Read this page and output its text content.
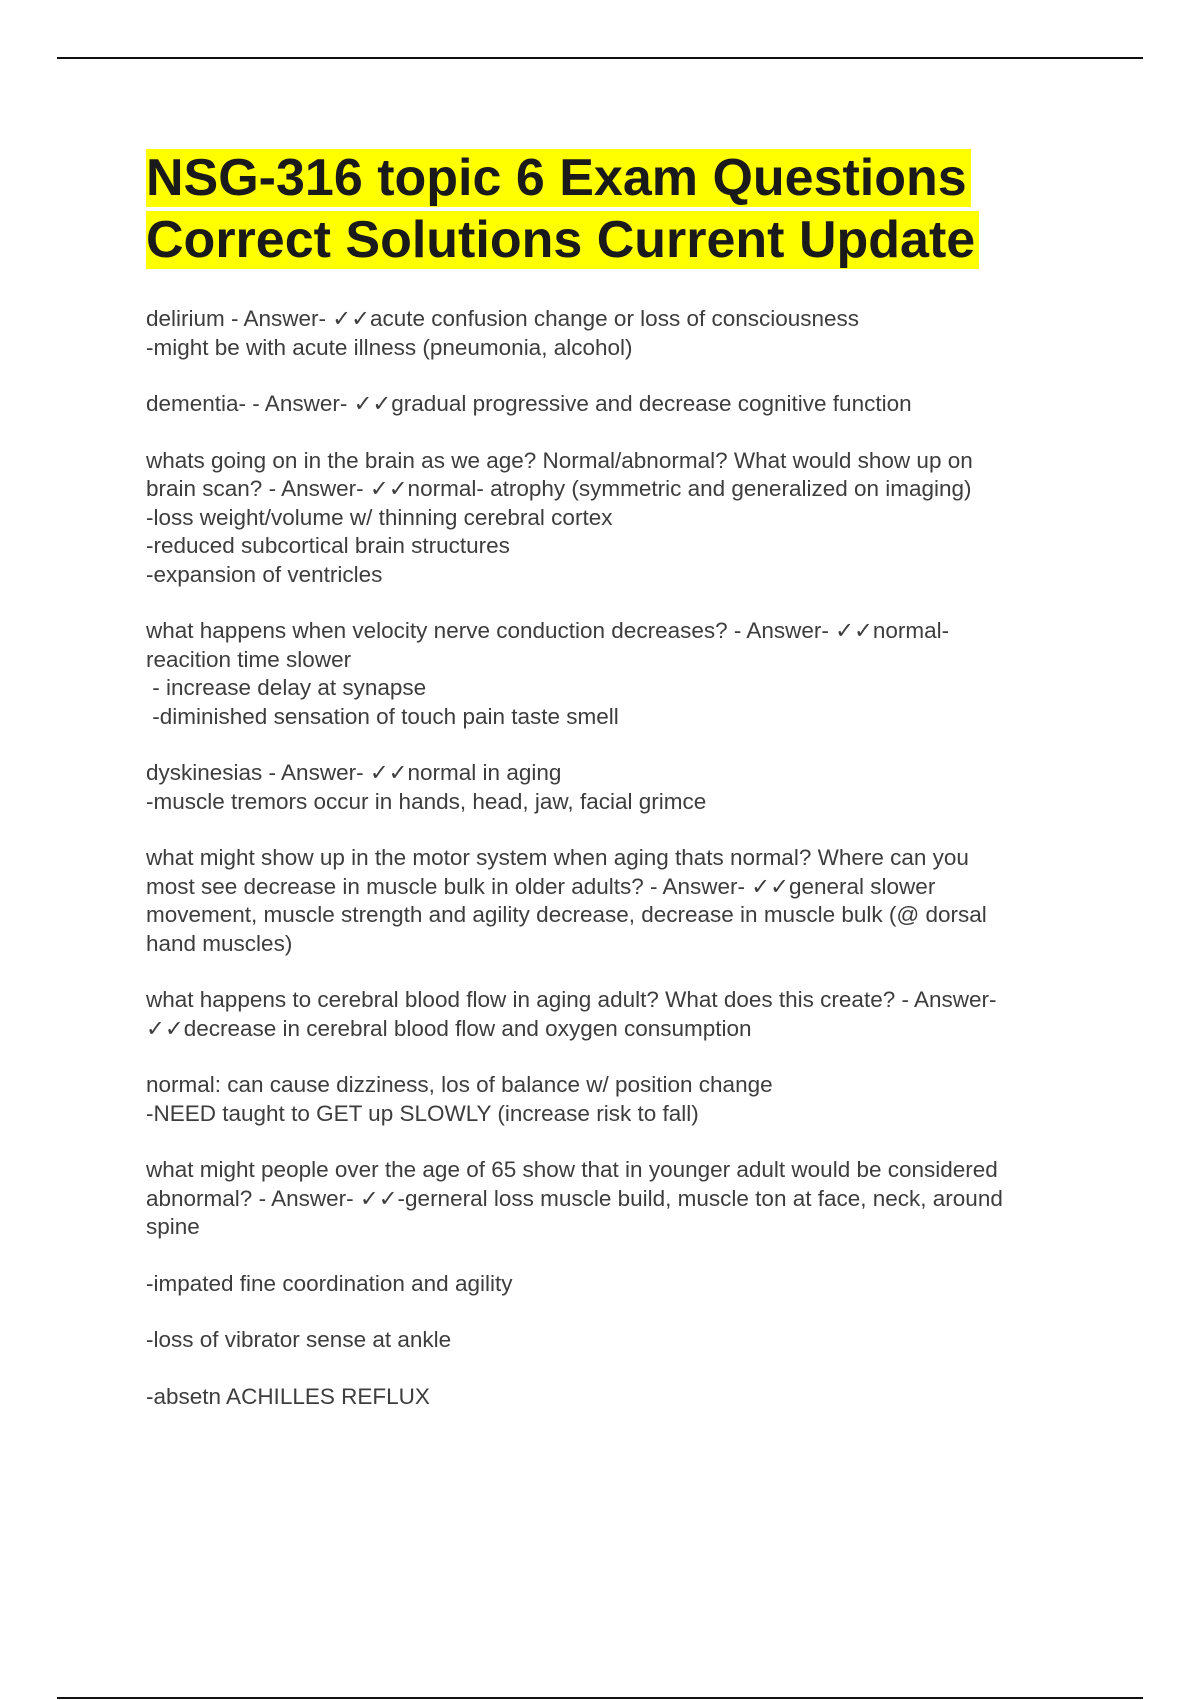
NSG-316 topic 6 Exam Questions
Correct Solutions Current Update
delirium - Answer- ✓✓acute confusion change or loss of consciousness
-might be with acute illness (pneumonia, alcohol)
dementia- - Answer- ✓✓gradual progressive and decrease cognitive function
whats going on in the brain as we age? Normal/abnormal? What would show up on
brain scan? - Answer- ✓✓normal- atrophy (symmetric and generalized on imaging)
-loss weight/volume w/ thinning cerebral cortex
-reduced subcortical brain structures
-expansion of ventricles
what happens when velocity nerve conduction decreases? - Answer- ✓✓normal-
reacition time slower
- increase delay at synapse
-diminished sensation of touch pain taste smell
dyskinesias - Answer- ✓✓normal in aging
-muscle tremors occur in hands, head, jaw, facial grimce
what might show up in the motor system when aging thats normal? Where can you
most see decrease in muscle bulk in older adults? - Answer- ✓✓general slower
movement, muscle strength and agility decrease, decrease in muscle bulk (@ dorsal
hand muscles)
what happens to cerebral blood flow in aging adult? What does this create? - Answer-
✓✓decrease in cerebral blood flow and oxygen consumption
normal: can cause dizziness, los of balance w/ position change
-NEED taught to GET up SLOWLY (increase risk to fall)
what might people over the age of 65 show that in younger adult would be considered
abnormal? - Answer- ✓✓-gerneral loss muscle build, muscle ton at face, neck, around
spine
-impated fine coordination and agility
-loss of vibrator sense at ankle
-absetn ACHILLES REFLUX
